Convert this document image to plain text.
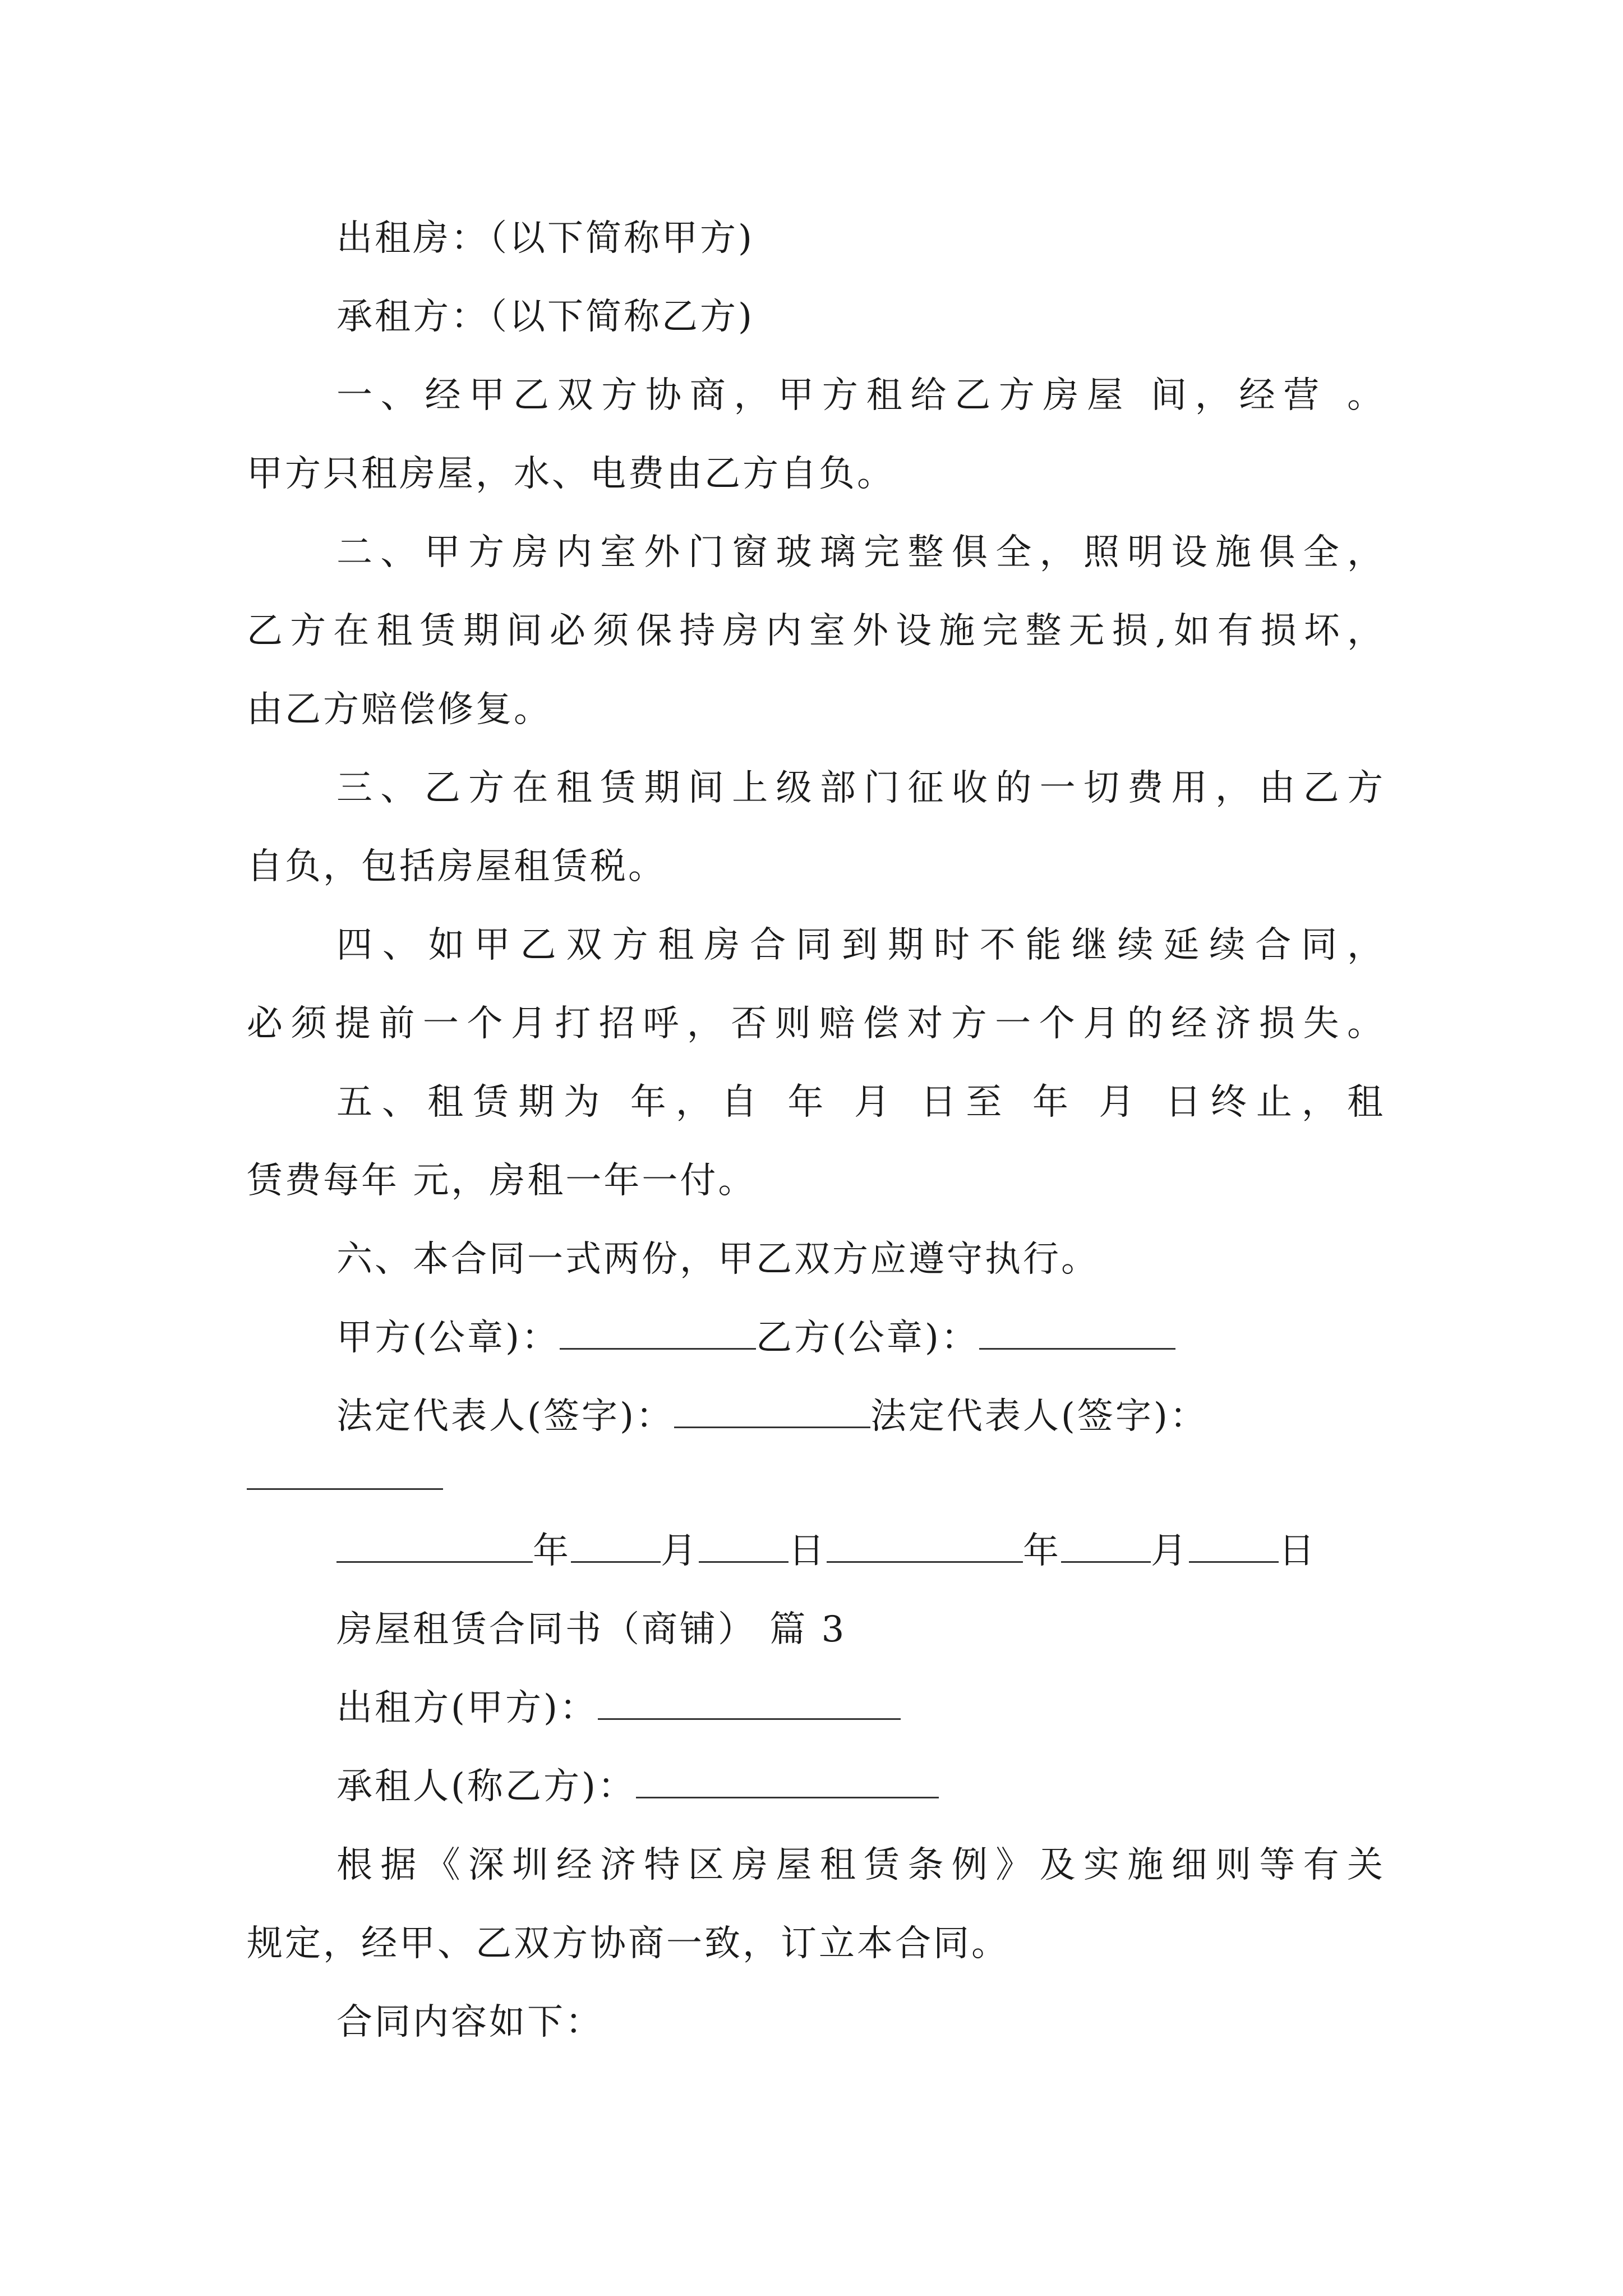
出租房：（以下简称甲方)
承租方：（以下简称乙方)
一、经甲乙双方协商，甲方租给乙方房屋 间，经营 。
甲方只租房屋，水、电费由乙方自负。
二、甲方房内室外门窗玻璃完整俱全，照明设施俱全，
乙方在租赁期间必须保持房内室外设施完整无损,如有损坏，
由乙方赔偿修复。
三、乙方在租赁期间上级部门征收的一切费用，由乙方
自负，包括房屋租赁税。
四、如甲乙双方租房合同到期时不能继续延续合同，
必须提前一个月打招呼，否则赔偿对方一个月的经济损失。
五、租赁期为 年，自 年 月 日至 年 月 日终止，租
赁费每年 元，房租一年一付。
六、本合同一式两份，甲乙双方应遵守执行。
甲方(公章)：	乙方(公章)：
法定代表人(签字)：	法定代表人(签字)：
年	月	日	年	月	日
房屋租赁合同书（商铺） 篇 3
出租方(甲方)：
承租人(称乙方)：
根据《深圳经济特区房屋租赁条例》及实施细则等有关
规定，经甲、乙双方协商一致，订立本合同。
合同内容如下：
